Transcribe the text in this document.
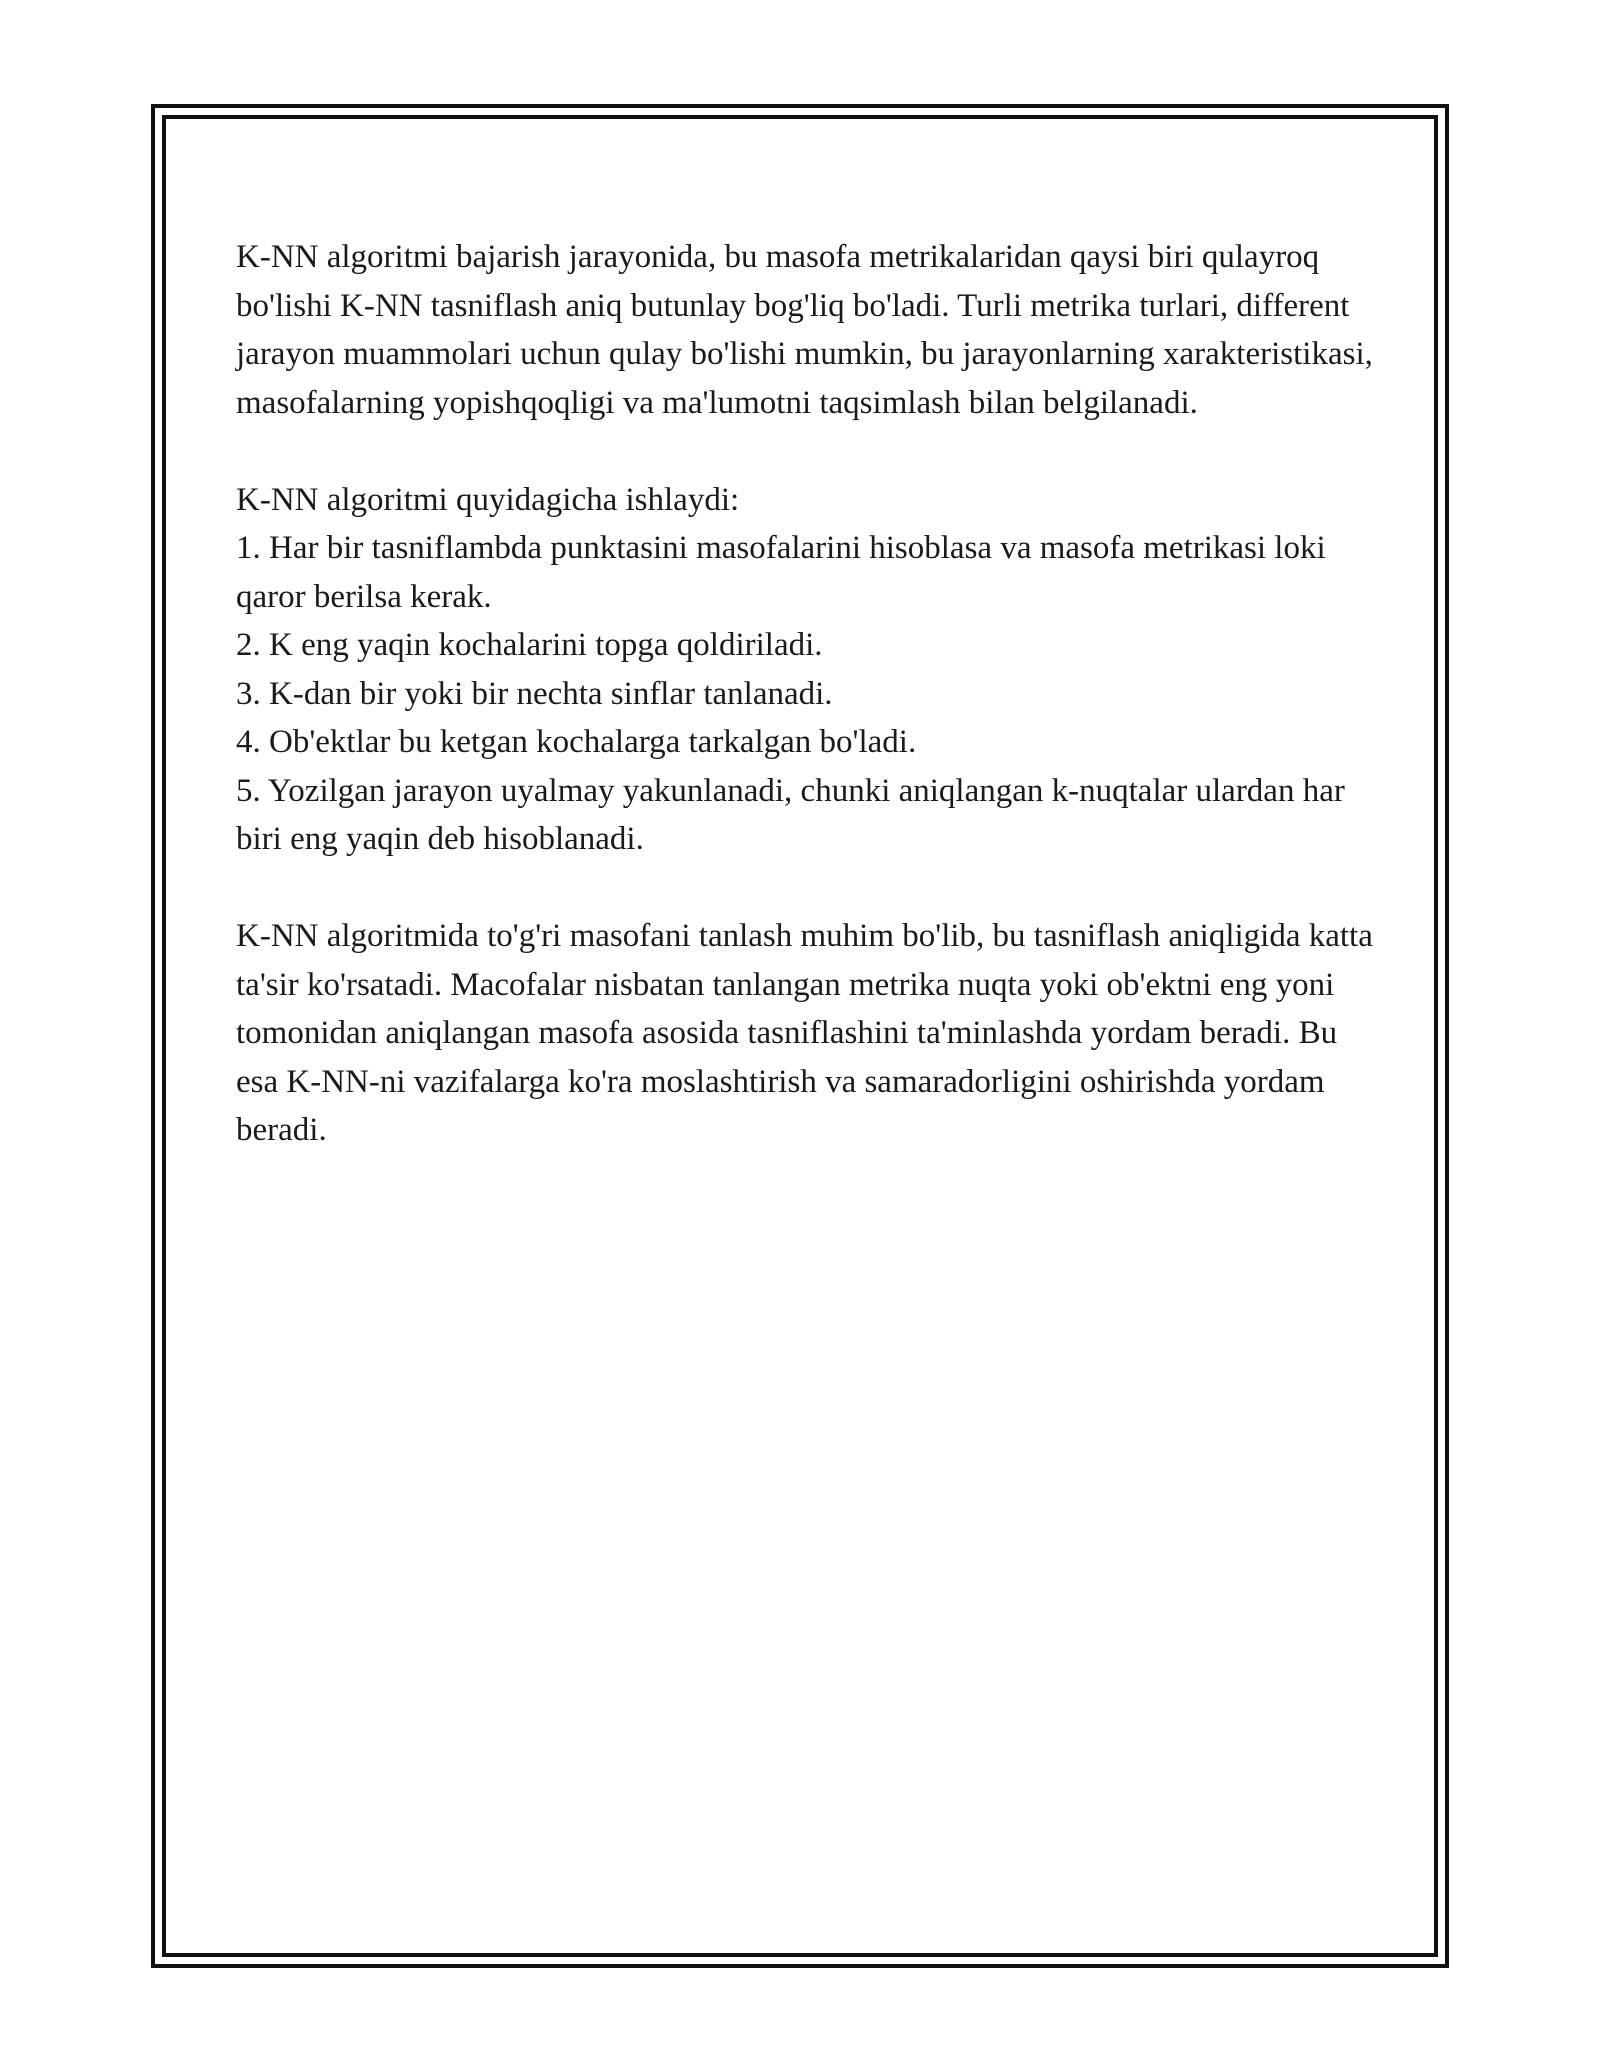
K-NN algoritmi bajarish jarayonida, bu masofa metrikalaridan qaysi biri qulayroq bo'lishi K-NN tasniflash aniq butunlay bog'liq bo'ladi. Turli metrika turlari, different jarayon muammolari uchun qulay bo'lishi mumkin, bu jarayonlarning xarakteristikasi, masofalarning yopishqoqligi va ma'lumotni taqsimlash bilan belgilanadi.

K-NN algoritmi quyidagicha ishlaydi:
1. Har bir tasniflambda punktasini masofalarini hisoblasa va masofa metrikasi loki qaror berilsa kerak.
2. K eng yaqin kochalarini topga qoldiriladi.
3. K-dan bir yoki bir nechta sinflar tanlanadi.
4. Ob'ektlar bu ketgan kochalarga tarkalgan bo'ladi.
5. Yozilgan jarayon uyalmay yakunlanadi, chunki aniqlangan k-nuqtalar ulardan har biri eng yaqin deb hisoblanadi.

K-NN algoritmida to'g'ri masofani tanlash muhim bo'lib, bu tasniflash aniqligida katta ta'sir ko'rsatadi. Macofalar nisbatan tanlangan metrika nuqta yoki ob'ektni eng yoni tomonidan aniqlangan masofa asosida tasniflashini ta'minlashda yordam beradi. Bu esa K-NN-ni vazifalarga ko'ra moslashtirish va samaradorligini oshirishda yordam beradi.
